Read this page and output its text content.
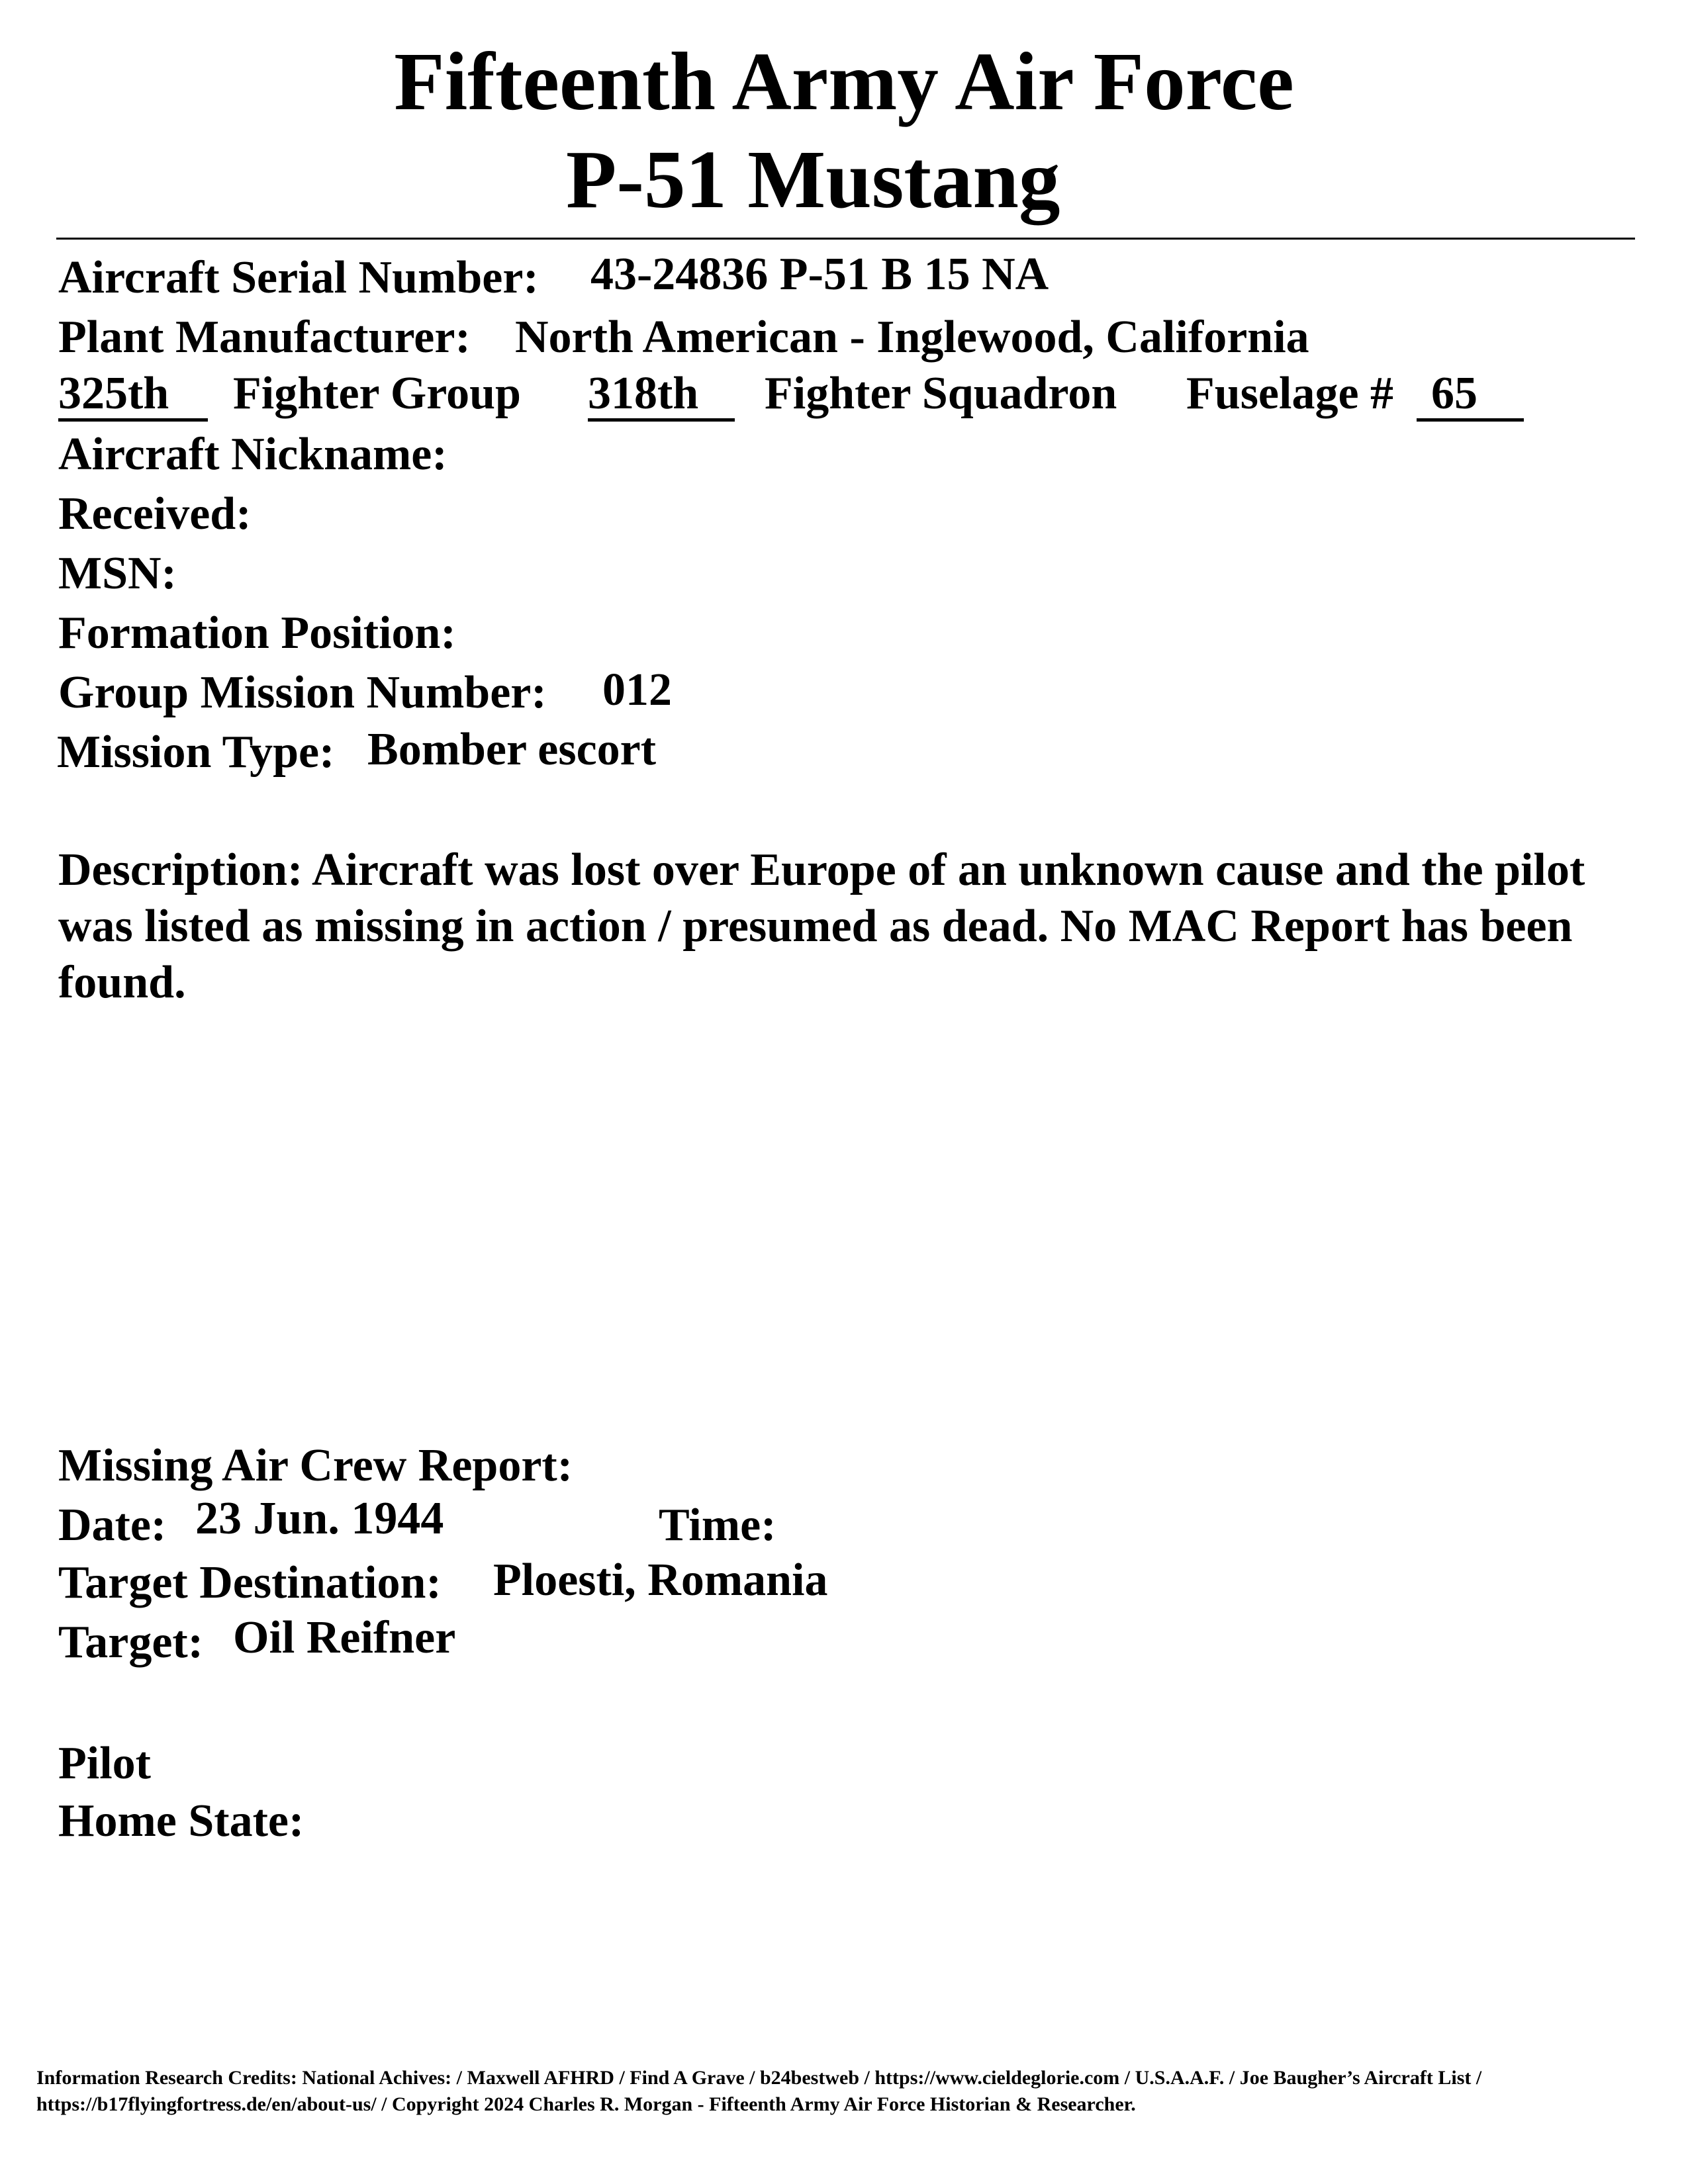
Fifteenth Army Air Force
P-51 Mustang
Aircraft Serial Number: 43-24836 P-51 B 15 NA
Plant Manufacturer: North American - Inglewood, California
325th	Fighter Group 318th	Fighter Squadron Fuselage # 65
Aircraft Nickname:
Received:
MSN:
Formation Position:
Group Mission Number: 012
Mission Type: Bomber escort
Description: Aircraft was lost over Europe of an unknown cause and the pilot was listed as missing in action / presumed as dead. No MAC Report has been found.
Missing Air Crew Report:
Date: 23 Jun. 1944	Time:
Target Destination: Ploesti, Romania
Target: Oil Reifner
Pilot
Home State:
Information Research Credits: National Achives: / Maxwell AFHRD / Find A Grave / b24bestweb / https://www.cieldeglorie.com / U.S.A.A.F. / Joe Baugher’s Aircraft List /
https://b17flyingfortress.de/en/about-us/ / Copyright 2024 Charles R. Morgan - Fifteenth Army Air Force Historian & Researcher.
